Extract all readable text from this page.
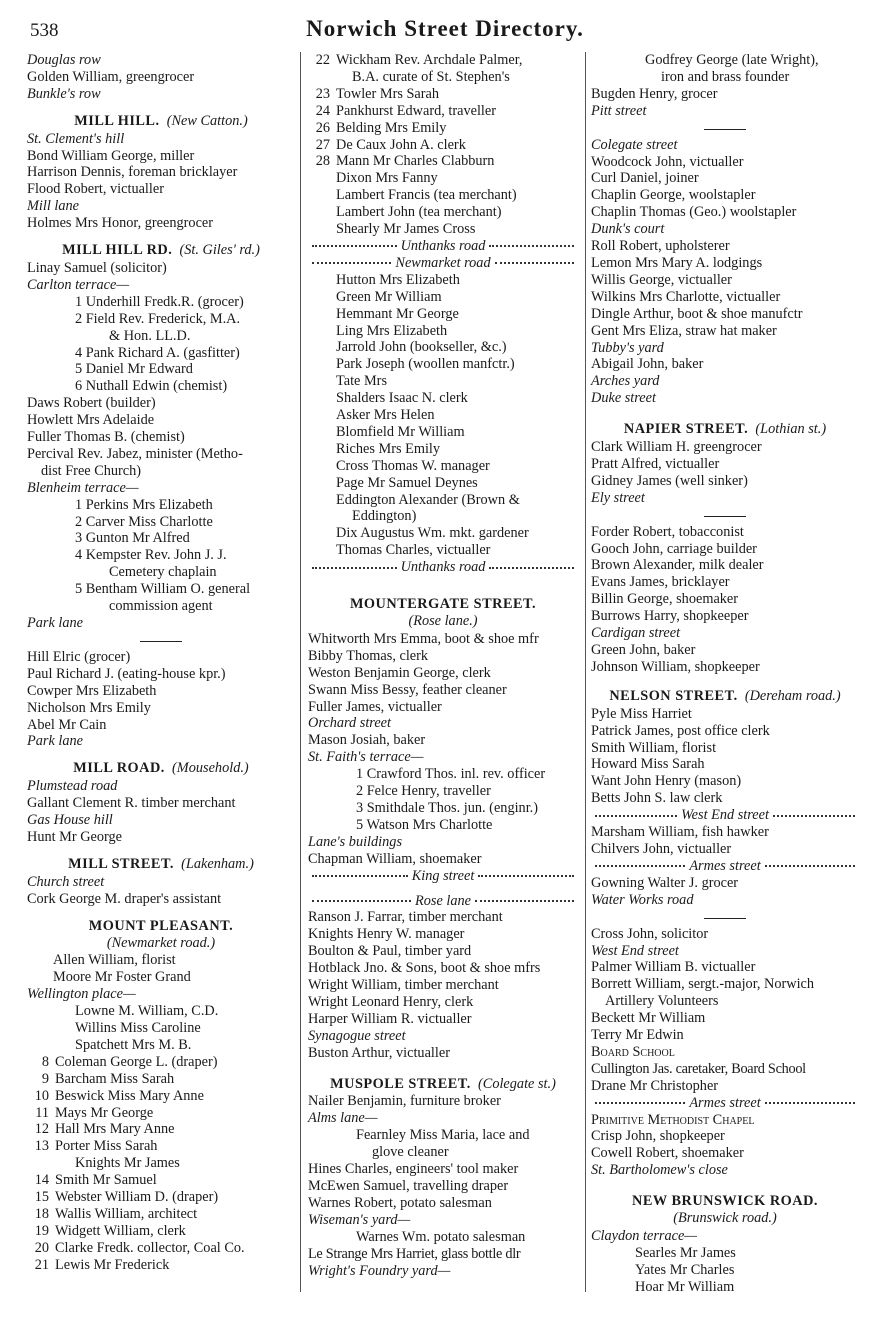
538	Norwich Street Directory.
Douglas row
Golden William, greengrocer
Bunkle's row
MILL HILL. (New Catton.)
St. Clement's hill
Bond William George, miller
Harrison Dennis, foreman bricklayer
Flood Robert, victualler
Mill lane
Holmes Mrs Honor, greengrocer
MILL HILL RD. (St. Giles' rd.)
Linay Samuel (solicitor)
Carlton terrace—
1 Underhill Fredk.R. (grocer)
2 Field Rev. Frederick, M.A.
& Hon. LL.D.
4 Pank Richard A. (gasfitter)
5 Daniel Mr Edward
6 Nuthall Edwin (chemist)
Daws Robert (builder)
Howlett Mrs Adelaide
Fuller Thomas B. (chemist)
Percival Rev. Jabez, minister (Metho-
dist Free Church)
Blenheim terrace—
1 Perkins Mrs Elizabeth
2 Carver Miss Charlotte
3 Gunton Mr Alfred
4 Kempster Rev. John J. J.
Cemetery chaplain
5 Bentham William O. general
commission agent
Park lane
Hill Elric (grocer)
Paul Richard J. (eating-house kpr.)
Cowper Mrs Elizabeth
Nicholson Mrs Emily
Abel Mr Cain
Park lane
MILL ROAD. (Mousehold.)
Plumstead road
Gallant Clement R. timber merchant
Gas House hill
Hunt Mr George
MILL STREET. (Lakenham.)
Church street
Cork George M. draper's assistant
MOUNT PLEASANT.
(Newmarket road.)
Allen William, florist
Moore Mr Foster Grand
Wellington place—
Lowne M. William, C.D.
Willins Miss Caroline
Spatchett Mrs M. B.
8 Coleman George L. (draper)
9 Barcham Miss Sarah
10 Beswick Miss Mary Anne
11 Mays Mr George
12 Hall Mrs Mary Anne
13 Porter Miss Sarah
Knights Mr James
14 Smith Mr Samuel
15 Webster William D. (draper)
18 Wallis William, architect
19 Widgett William, clerk
20 Clarke Fredk. collector, Coal Co.
21 Lewis Mr Frederick
22 Wickham Rev. Archdale Palmer,
B.A. curate of St. Stephen's
23 Towler Mrs Sarah
24 Pankhurst Edward, traveller
26 Belding Mrs Emily
27 De Caux John A. clerk
28 Mann Mr Charles Clabburn
Dixon Mrs Fanny
Lambert Francis (tea merchant)
Lambert John (tea merchant)
Shearly Mr James Cross
Unthanks road
Newmarket road
Hutton Mrs Elizabeth
Green Mr William
Hemmant Mr George
Ling Mrs Elizabeth
Jarrold John (bookseller, &c.)
Park Joseph (woollen manfctr.)
Tate Mrs
Shalders Isaac N. clerk
Asker Mrs Helen
Blomfield Mr William
Riches Mrs Emily
Cross Thomas W. manager
Page Mr Samuel Deynes
Eddington Alexander (Brown &
Eddington)
Dix Augustus Wm. mkt. gardener
Thomas Charles, victualler
Unthanks road
MOUNTERGATE STREET.
(Rose lane.)
Whitworth Mrs Emma, boot & shoe mfr
Bibby Thomas, clerk
Weston Benjamin George, clerk
Swann Miss Bessy, feather cleaner
Fuller James, victualler
Orchard street
Mason Josiah, baker
St. Faith's terrace—
1 Crawford Thos. inl. rev. officer
2 Felce Henry, traveller
3 Smithdale Thos. jun. (enginr.)
5 Watson Mrs Charlotte
Lane's buildings
Chapman William, shoemaker
King street
Rose lane
Ranson J. Farrar, timber merchant
Knights Henry W. manager
Boulton & Paul, timber yard
Hotblack Jno. & Sons, boot & shoe mfrs
Wright William, timber merchant
Wright Leonard Henry, clerk
Harper William R. victualler
Synagogue street
Buston Arthur, victualler
MUSPOLE STREET. (Colegate st.)
Nailer Benjamin, furniture broker
Alms lane—
Fearnley Miss Maria, lace and
glove cleaner
Hines Charles, engineers' tool maker
McEwen Samuel, travelling draper
Warnes Robert, potato salesman
Wiseman's yard—
Warnes Wm. potato salesman
Le Strange Mrs Harriet, glass bottle dlr
Wright's Foundry yard—
Godfrey George (late Wright),
iron and brass founder
Bugden Henry, grocer
Pitt street
Colegate street
Woodcock John, victualler
Curl Daniel, joiner
Chaplin George, woolstapler
Chaplin Thomas (Geo.) woolstapler
Dunk's court
Roll Robert, upholsterer
Lemon Mrs Mary A. lodgings
Willis George, victualler
Wilkins Mrs Charlotte, victualler
Dingle Arthur, boot & shoe manufctr
Gent Mrs Eliza, straw hat maker
Tubby's yard
Abigail John, baker
Arches yard
Duke street
NAPIER STREET. (Lothian st.)
Clark William H. greengrocer
Pratt Alfred, victualler
Gidney James (well sinker)
Ely street
Forder Robert, tobacconist
Gooch John, carriage builder
Brown Alexander, milk dealer
Evans James, bricklayer
Billin George, shoemaker
Burrows Harry, shopkeeper
Cardigan street
Green John, baker
Johnson William, shopkeeper
NELSON STREET. (Dereham road.)
Pyle Miss Harriet
Patrick James, post office clerk
Smith William, florist
Howard Miss Sarah
Want John Henry (mason)
Betts John S. law clerk
West End street
Marsham William, fish hawker
Chilvers John, victualler
Armes street
Gowning Walter J. grocer
Water Works road
Cross John, solicitor
West End street
Palmer William B. victualler
Borrett William, sergt.-major, Norwich
Artillery Volunteers
Beckett Mr William
Terry Mr Edwin
Board School
Cullington Jas. caretaker, Board School
Drane Mr Christopher
Armes street
Primitive Methodist Chapel
Crisp John, shopkeeper
Cowell Robert, shoemaker
St. Bartholomew's close
NEW BRUNSWICK ROAD.
(Brunswick road.)
Claydon terrace—
Searles Mr James
Yates Mr Charles
Hoar Mr William
